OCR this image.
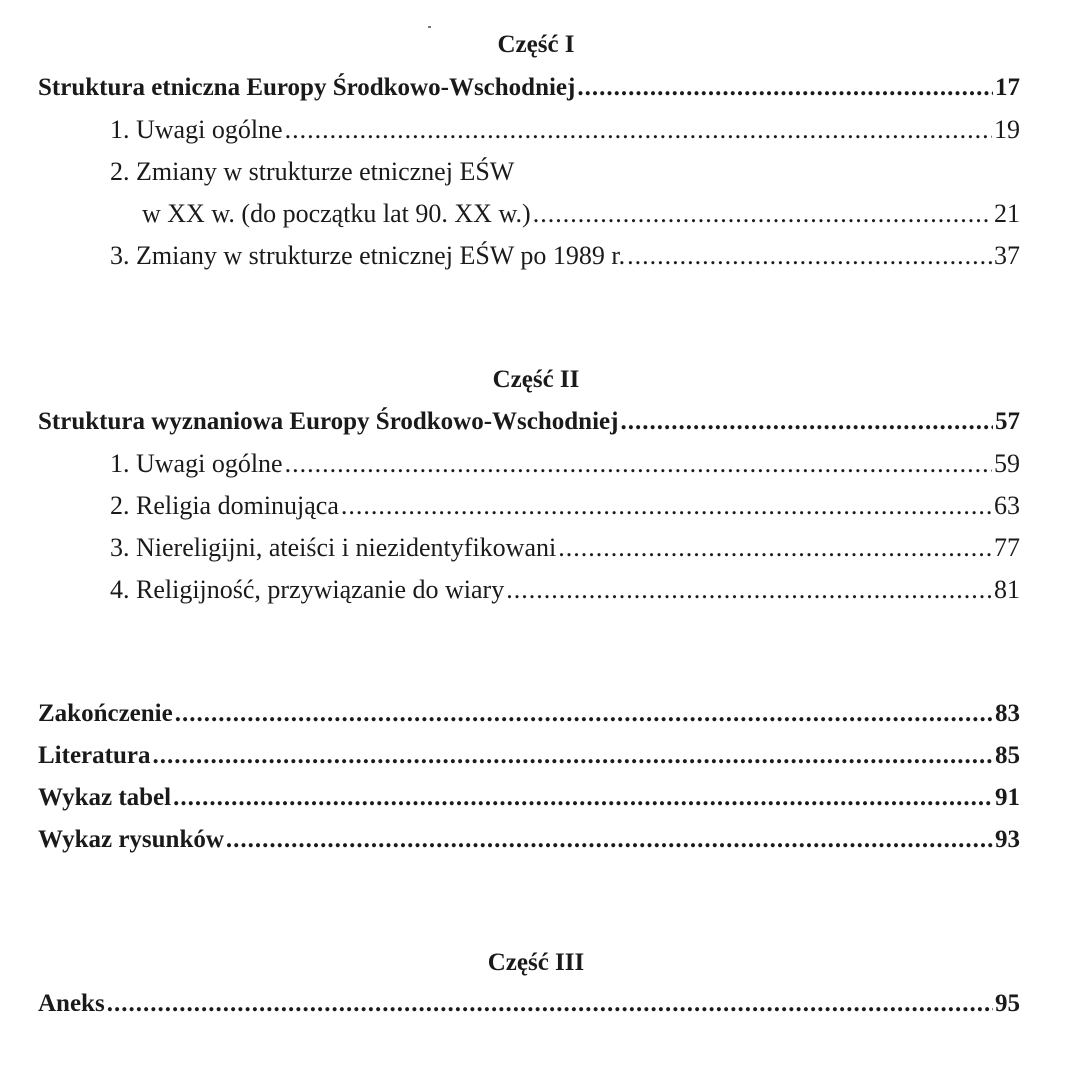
Część I
Struktura etniczna Europy Środkowo-Wschodniej .....	17
1. Uwagi ogólne .....	19
2. Zmiany w strukturze etnicznej EŚW
w XX w. (do początku lat 90. XX w.) .....	21
3. Zmiany w strukturze etnicznej EŚW po 1989 r. .....	37
Część II
Struktura wyznaniowa Europy Środkowo-Wschodniej .....	57
1. Uwagi ogólne .....	59
2. Religia dominująca .....	63
3. Niereligijni, ateiści i niezidentyfikowani .....	77
4. Religijność, przywiązanie do wiary .....	81
Zakończenie .....	83
Literatura .....	85
Wykaz tabel .....	91
Wykaz rysunków .....	93
Część III
Aneks .....	95
